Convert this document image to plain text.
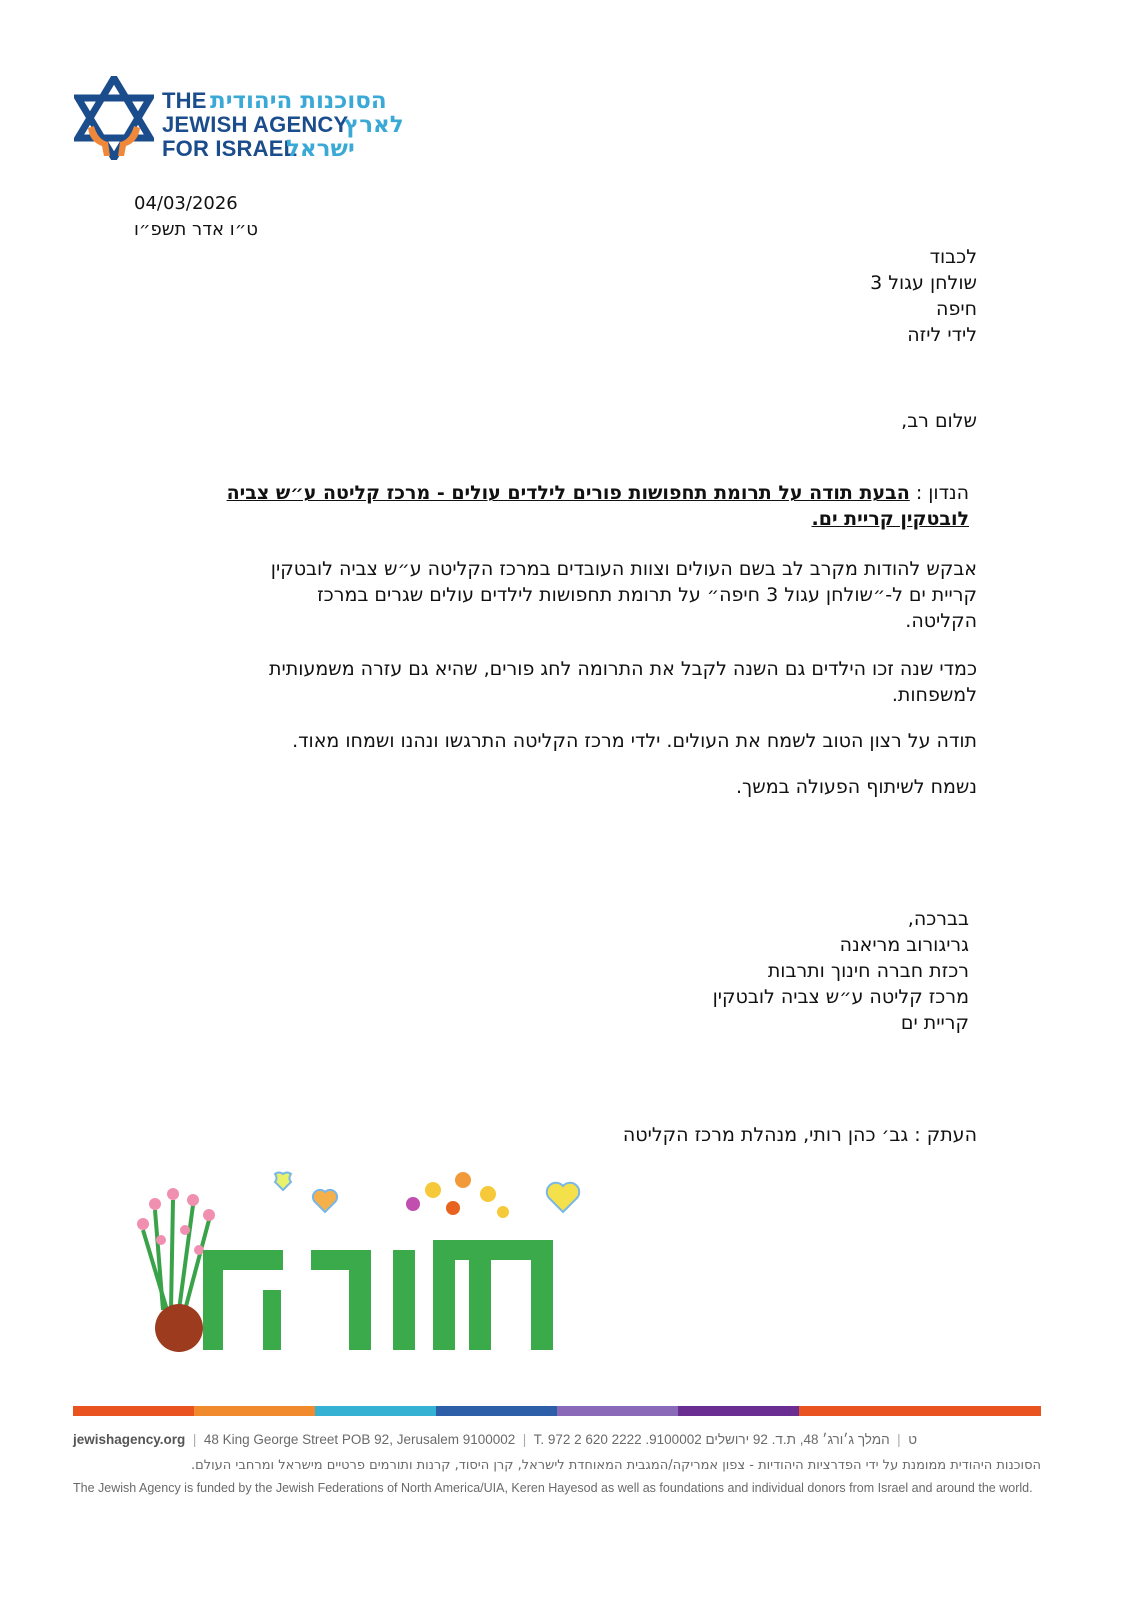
THE
JEWISH AGENCY
FOR ISRAEL
הסוכנות היהודית
לארץ
ישראל
04/03/2026
ט״ו אדר תשפ״ו
לכבוד
שולחן עגול 3
חיפה
לידי ליזה
שלום רב,
הנדון : הבעת תודה על תרומת תחפושות פורים לילדים עולים - מרכז קליטה ע״ש צביה
לובטקין קריית ים.
אבקש להודות מקרב לב בשם העולים וצוות העובדים במרכז הקליטה ע״ש צביה לובטקין
קריית ים ל-״שולחן עגול 3 חיפה״ על תרומת תחפושות לילדים עולים שגרים במרכז
הקליטה.
כמדי שנה זכו הילדים גם השנה לקבל את התרומה לחג פורים, שהיא גם עזרה משמעותית
למשפחות.
תודה על רצון הטוב לשמח את העולים. ילדי מרכז הקליטה התרגשו ונהנו ושמחו מאוד.
נשמח לשיתוף הפעולה במשך.
בברכה,
גריגורוב מריאנה
רכזת חברה חינוך ותרבות
מרכז קליטה ע״ש צביה לובטקין
קריית ים
העתק : גב׳ כהן רותי, מנהלת מרכז הקליטה
jewishagency.org  |  48 King George Street POB 92, Jerusalem 9100002  |  T. 972 2 620 2222 .ט  |  המלך ג׳ורג׳ 48, ת.ד. 92 ירושלים 9100002
הסוכנות היהודית ממומנת על ידי הפדרציות היהודיות - צפון אמריקה/המגבית המאוחדת לישראל, קרן היסוד, קרנות ותורמים פרטיים מישראל ומרחבי העולם.
The Jewish Agency is funded by the Jewish Federations of North America/UIA, Keren Hayesod as well as foundations and individual donors from Israel and around the world.
